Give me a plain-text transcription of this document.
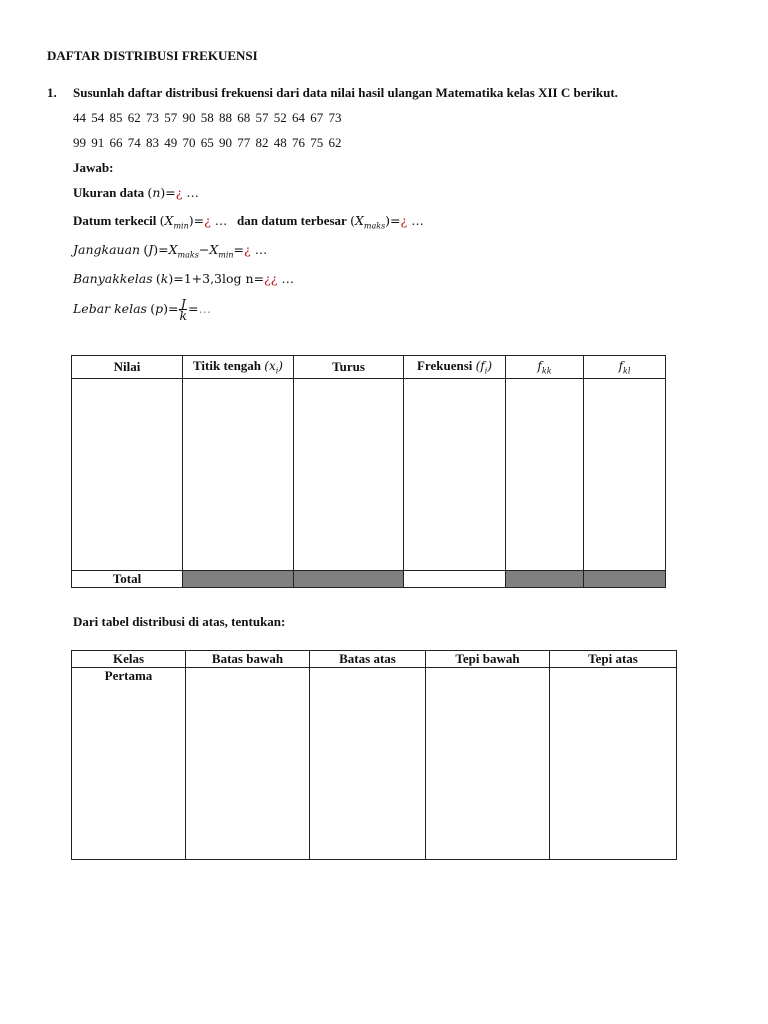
DAFTAR DISTRIBUSI FREKUENSI
1. Susunlah daftar distribusi frekuensi dari data nilai hasil ulangan Matematika kelas XII C berikut.
44 54 85 62 73 57 90 58 88 68 57 52 64 67 73
99 91 66 74 83 49 70 65 90 77 82 48 76 75 62
Jawab:
Ukuran data (n)=¿ …
Datum terkecil $(X_{min})=¿$ … dan datum terbesar $(X_{maks})=¿$ …
Jangkauan $(J)=X_{maks}-X_{min}=¿$ …
Banyakkelas (k)=1+3,3log n=¿¿ …
Lebar kelas $(p)= \frac{J}{k}$ =…
Nilai	Titik tengah $(x_i)$	Turus	Frekuensi $(f_i)$	$f_{kk}$	$f_{kl}$

Total					
Dari tabel distribusi di atas, tentukan:
Kelas	Batas bawah	Batas atas	Tepi bawah	Tepi atas
Pertama				
